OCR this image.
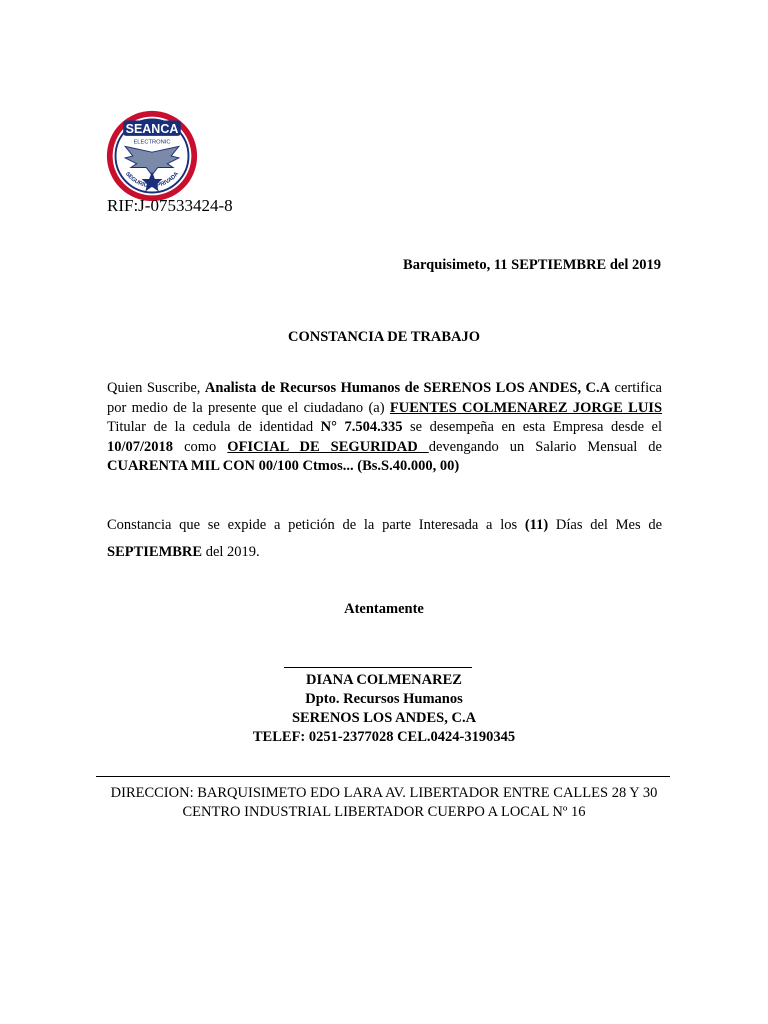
SEANCA
ELECTRONIC
SEGURIDAD PRIVADA
RIF:J-07533424-8
Barquisimeto, 11 SEPTIEMBRE del 2019
CONSTANCIA DE TRABAJO
Quien Suscribe, Analista de Recursos Humanos de SERENOS LOS ANDES, C.A certifica por medio de la presente que el ciudadano (a) FUENTES COLMENAREZ JORGE LUIS Titular de la cedula de identidad N° 7.504.335 se desempeña en esta Empresa desde el 10/07/2018 como OFICIAL DE SEGURIDAD devengando un Salario Mensual de CUARENTA MIL CON 00/100 Ctmos... (Bs.S.40.000, 00)
Constancia que se expide a petición de la parte Interesada a los (11) Días del Mes de SEPTIEMBRE del 2019.
Atentamente
DIANA COLMENAREZ
Dpto. Recursos Humanos
SERENOS LOS ANDES, C.A
TELEF: 0251-2377028 CEL.0424-3190345
DIRECCION: BARQUISIMETO EDO LARA AV. LIBERTADOR ENTRE CALLES 28 Y 30
CENTRO INDUSTRIAL LIBERTADOR CUERPO A LOCAL Nº 16
